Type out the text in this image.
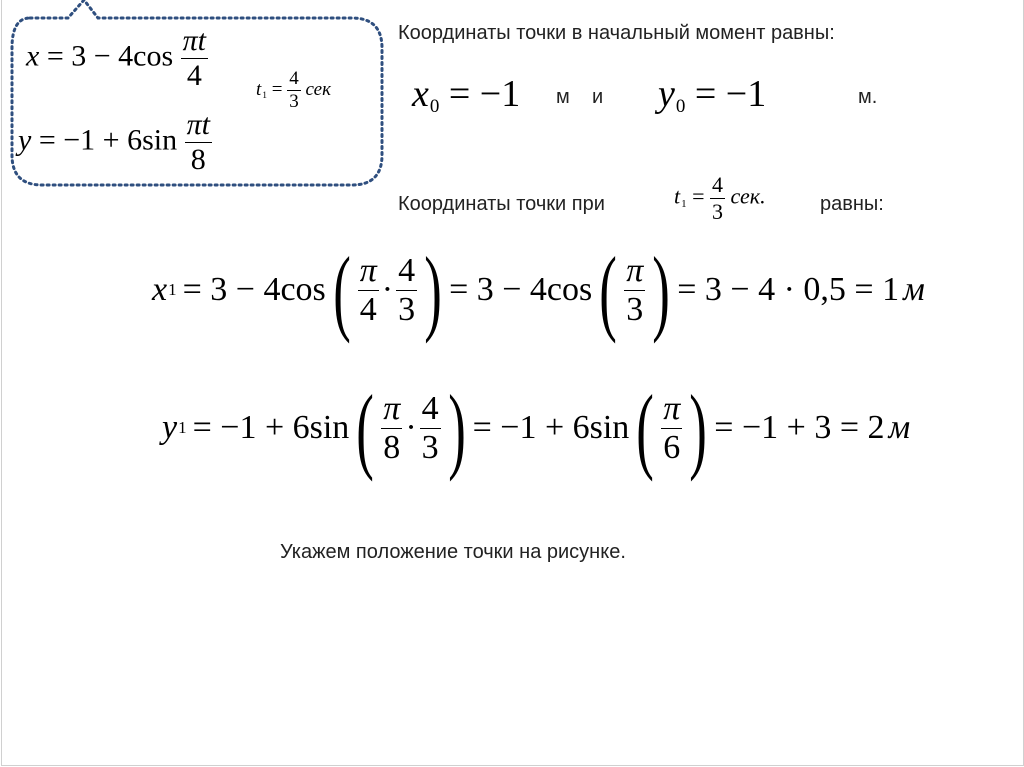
$x = 3 - 4\cos \frac{\pi t}{4}$
$y = -1 + 6\sin \frac{\pi t}{8}$
$t_1 = \frac{4}{3}$ сек
Координаты точки в начальный момент равны:
$x_0 = -1$ м и $y_0 = -1$	м.
Координаты точки при	$t_1 = \frac{4}{3}$ сек.	равны:
x 1 = 3 − 4cos ( $\frac{\pi}{4} \cdot \frac{4}{3}$ ) = 3 − 4cos ( $\frac{\pi}{3}$ ) = 3 − 4 · 0,5 = 1 м
y 1 = −1 + 6sin ( $\frac{\pi}{8} \cdot \frac{4}{3}$ ) = −1 + 6sin ( $\frac{\pi}{6}$ ) = −1 + 3 = 2 м
Укажем положение точки на рисунке.
